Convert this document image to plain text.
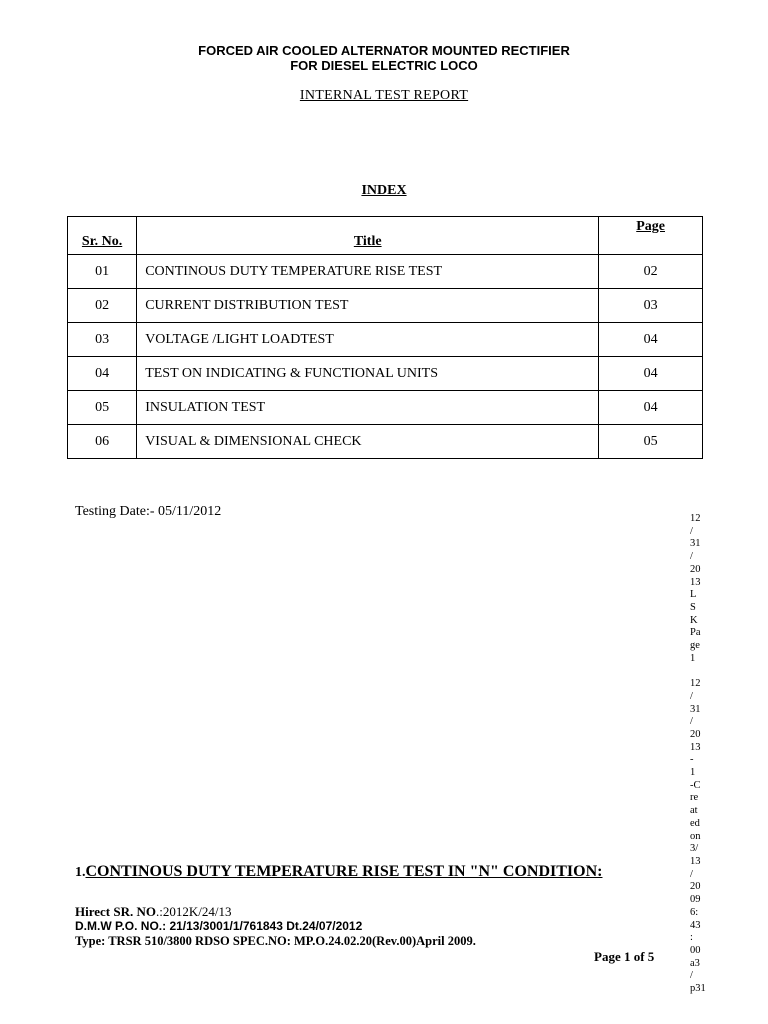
FORCED AIR COOLED ALTERNATOR MOUNTED RECTIFIER
FOR DIESEL ELECTRIC LOCO
INTERNAL TEST REPORT
INDEX
Sr. No.	Title	Page
01	CONTINOUS DUTY TEMPERATURE RISE TEST	02
02	CURRENT DISTRIBUTION TEST	03
03	VOLTAGE /LIGHT LOADTEST	04
04	TEST ON INDICATING & FUNCTIONAL UNITS	04
05	INSULATION TEST	04
06	VISUAL & DIMENSIONAL CHECK	05
Testing Date:- 05/11/2012	12
/
31
/
20
13
L
S
K
Pa
ge
1

12
/
31
/
20
13
-
1
-C
re
at
ed
on
3/
13
/
20
09
6:
43
:
00
a3
/
p31
1.CONTINOUS DUTY TEMPERATURE RISE TEST IN "N" CONDITION:
Hirect SR. NO.:2012K/24/13
D.M.W P.O. NO.: 21/13/3001/1/761843 Dt.24/07/2012
Type: TRSR 510/3800 RDSO SPEC.NO: MP.O.24.02.20(Rev.00)April 2009.
Page 1 of 5
